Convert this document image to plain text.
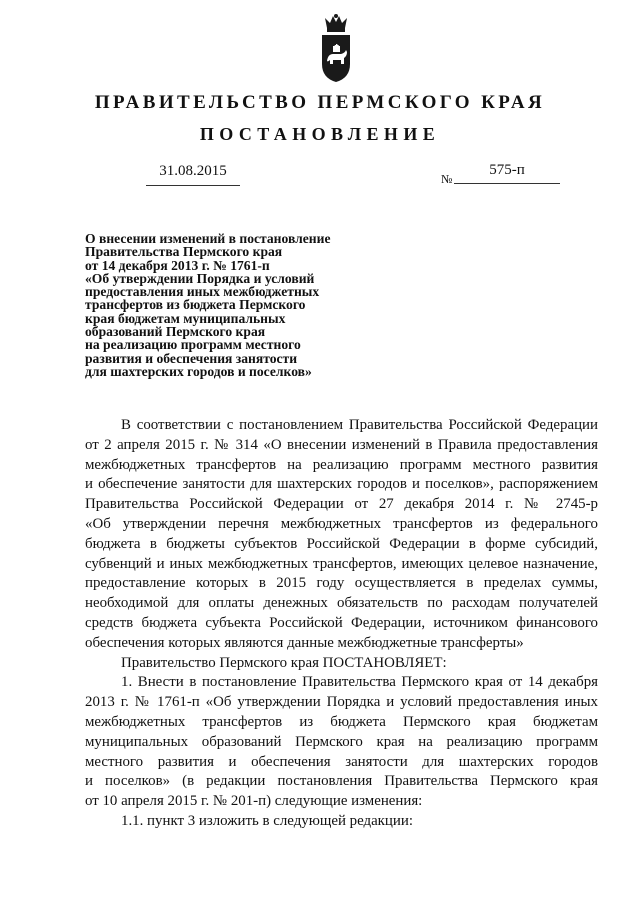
ПРАВИТЕЛЬСТВО ПЕРМСКОГО КРАЯ
ПОСТАНОВЛЕНИЕ
31.08.2015	№
575-п
О внесении изменений в постановление
Правительства Пермского края
от 14 декабря 2013 г. № 1761-п
«Об утверждении Порядка и условий
предоставления иных межбюджетных
трансфертов из бюджета Пермского
края бюджетам муниципальных
образований Пермского края
на реализацию программ местного
развития и обеспечения занятости
для шахтерских городов и поселков»
В соответствии с постановлением Правительства Российской Федерации
от 2 апреля 2015 г. № 314 «О внесении изменений в Правила предоставления
межбюджетных трансфертов на реализацию программ местного развития
и обеспечение занятости для шахтерских городов и поселков», распоряжением
Правительства Российской Федерации от 27 декабря 2014 г. № 2745-р
«Об утверждении перечня межбюджетных трансфертов из федерального
бюджета в бюджеты субъектов Российской Федерации в форме субсидий,
субвенций и иных межбюджетных трансфертов, имеющих целевое назначение,
предоставление которых в 2015 году осуществляется в пределах суммы,
необходимой для оплаты денежных обязательств по расходам получателей
средств бюджета субъекта Российской Федерации, источником финансового
обеспечения которых являются данные межбюджетные трансферты»
Правительство Пермского края ПОСТАНОВЛЯЕТ:
1. Внести в постановление Правительства Пермского края от 14 декабря
2013 г. № 1761-п «Об утверждении Порядка и условий предоставления иных
межбюджетных трансфертов из бюджета Пермского края бюджетам
муниципальных образований Пермского края на реализацию программ
местного развития и обеспечения занятости для шахтерских городов
и поселков» (в редакции постановления Правительства Пермского края
от 10 апреля 2015 г. № 201-п) следующие изменения:
1.1. пункт 3 изложить в следующей редакции:
